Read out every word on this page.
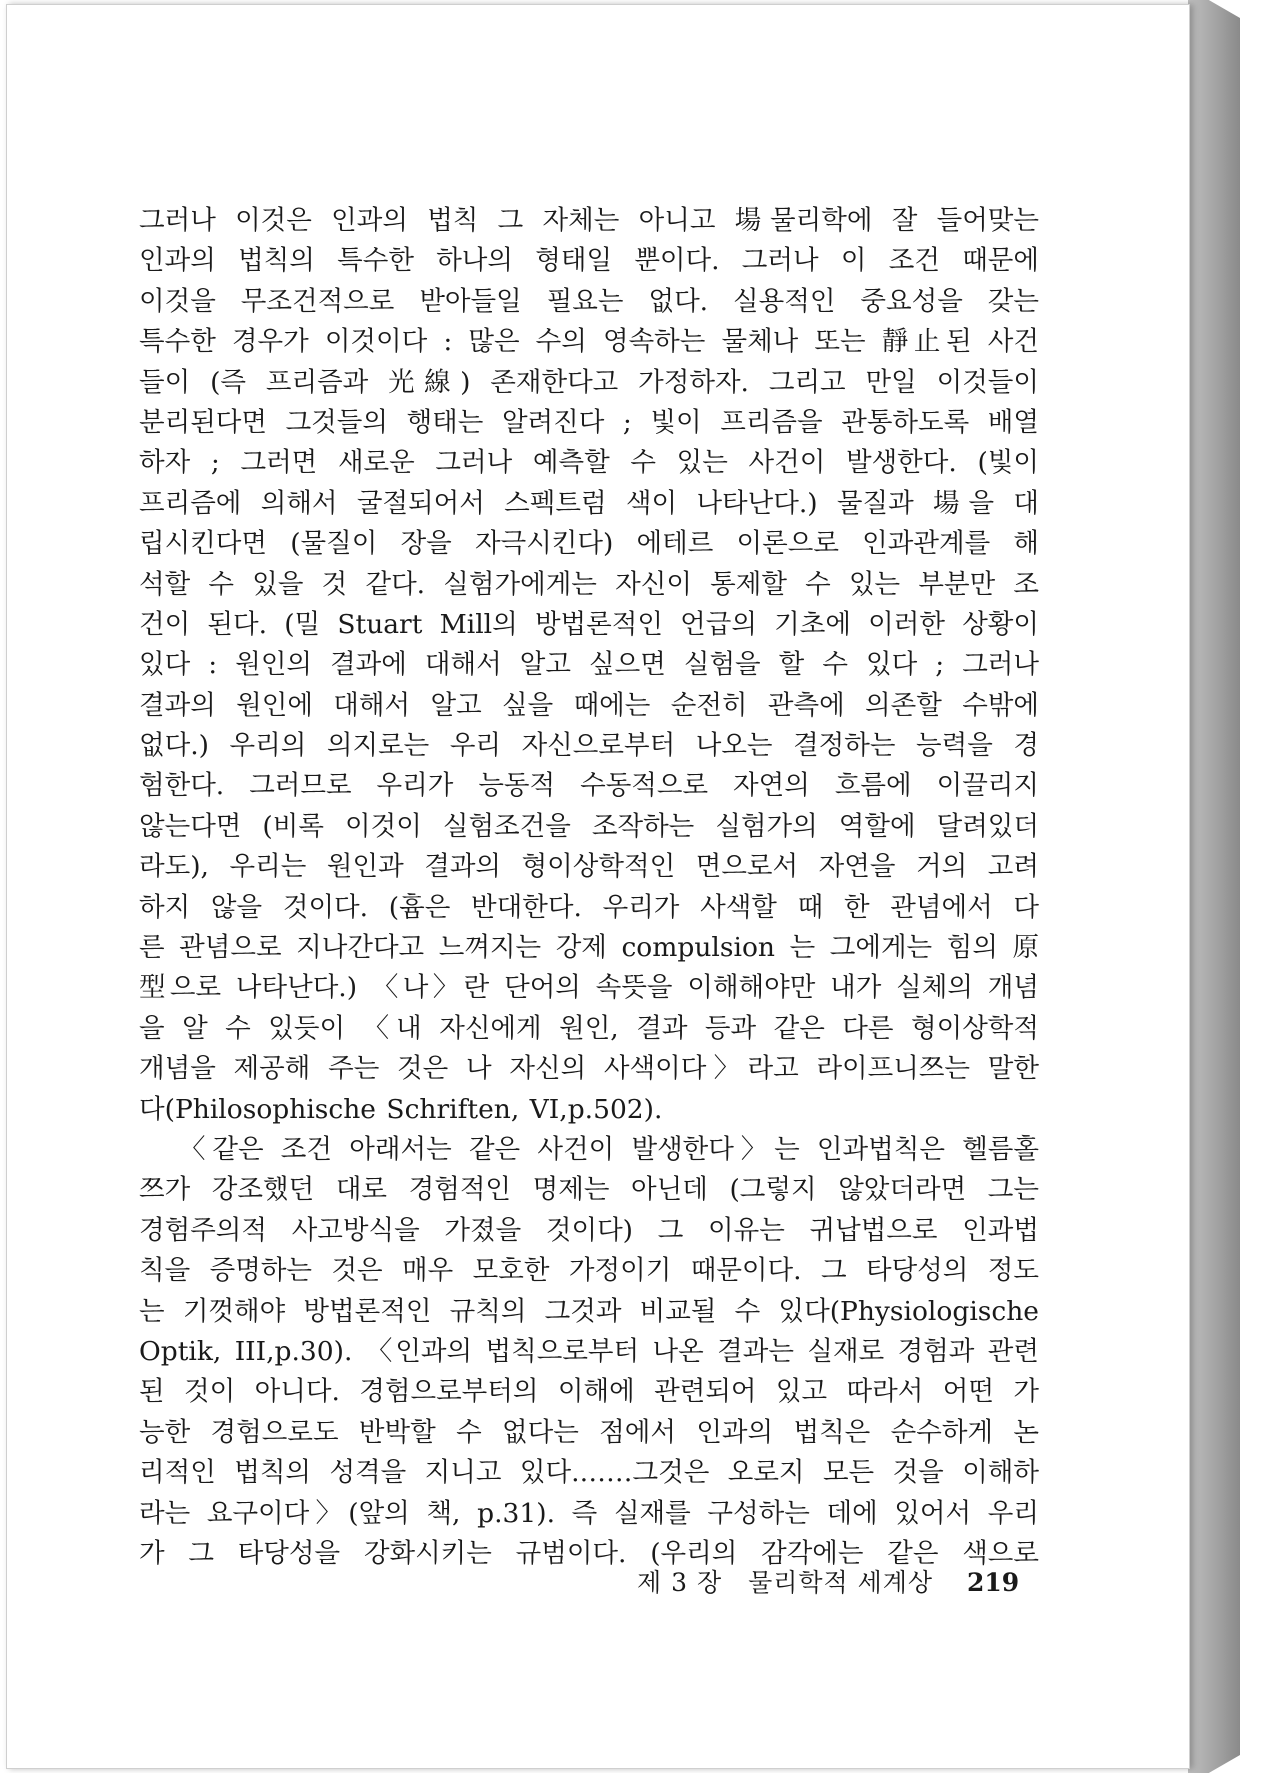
그러나 이것은 인과의 법칙 그 자체는 아니고 場물리학에 잘 들어맞는
인과의 법칙의 특수한 하나의 형태일 뿐이다. 그러나 이 조건 때문에
이것을 무조건적으로 받아들일 필요는 없다. 실용적인 중요성을 갖는
특수한 경우가 이것이다 : 많은 수의 영속하는 물체나 또는 靜止된 사건
들이 (즉 프리즘과 光線) 존재한다고 가정하자. 그리고 만일 이것들이
분리된다면 그것들의 행태는 알려진다 ; 빛이 프리즘을 관통하도록 배열
하자 ; 그러면 새로운 그러나 예측할 수 있는 사건이 발생한다. (빛이
프리즘에 의해서 굴절되어서 스펙트럼 색이 나타난다.) 물질과 場을 대
립시킨다면 (물질이 장을 자극시킨다) 에테르 이론으로 인과관계를 해
석할 수 있을 것 같다. 실험가에게는 자신이 통제할 수 있는 부분만 조
건이 된다. (밀 Stuart Mill의 방법론적인 언급의 기초에 이러한 상황이
있다 : 원인의 결과에 대해서 알고 싶으면 실험을 할 수 있다 ; 그러나
결과의 원인에 대해서 알고 싶을 때에는 순전히 관측에 의존할 수밖에
없다.) 우리의 의지로는 우리 자신으로부터 나오는 결정하는 능력을 경
험한다. 그러므로 우리가 능동적 수동적으로 자연의 흐름에 이끌리지
않는다면 (비록 이것이 실험조건을 조작하는 실험가의 역할에 달려있더
라도), 우리는 원인과 결과의 형이상학적인 면으로서 자연을 거의 고려
하지 않을 것이다. (흄은 반대한다. 우리가 사색할 때 한 관념에서 다
른 관념으로 지나간다고 느껴지는 강제 compulsion 는 그에게는 힘의 原
型으로 나타난다.) 〈나〉란 단어의 속뜻을 이해해야만 내가 실체의 개념
을 알 수 있듯이 〈내 자신에게 원인, 결과 등과 같은 다른 형이상학적
개념을 제공해 주는 것은 나 자신의 사색이다〉라고 라이프니쯔는 말한
다(Philosophische Schriften, VI,p.502).
〈같은 조건 아래서는 같은 사건이 발생한다〉는 인과법칙은 헬름홀
쯔가 강조했던 대로 경험적인 명제는 아닌데 (그렇지 않았더라면 그는
경험주의적 사고방식을 가졌을 것이다) 그 이유는 귀납법으로 인과법
칙을 증명하는 것은 매우 모호한 가정이기 때문이다. 그 타당성의 정도
는 기껏해야 방법론적인 규칙의 그것과 비교될 수 있다(Physiologische
Optik, III,p.30). 〈인과의 법칙으로부터 나온 결과는 실재로 경험과 관련
된 것이 아니다. 경험으로부터의 이해에 관련되어 있고 따라서 어떤 가
능한 경험으로도 반박할 수 없다는 점에서 인과의 법칙은 순수하게 논
리적인 법칙의 성격을 지니고 있다.……그것은 오로지 모든 것을 이해하
라는 요구이다〉(앞의 책, p.31). 즉 실재를 구성하는 데에 있어서 우리
가 그 타당성을 강화시키는 규범이다. (우리의 감각에는 같은 색으로
제 3 장 물리학적 세계상 219
